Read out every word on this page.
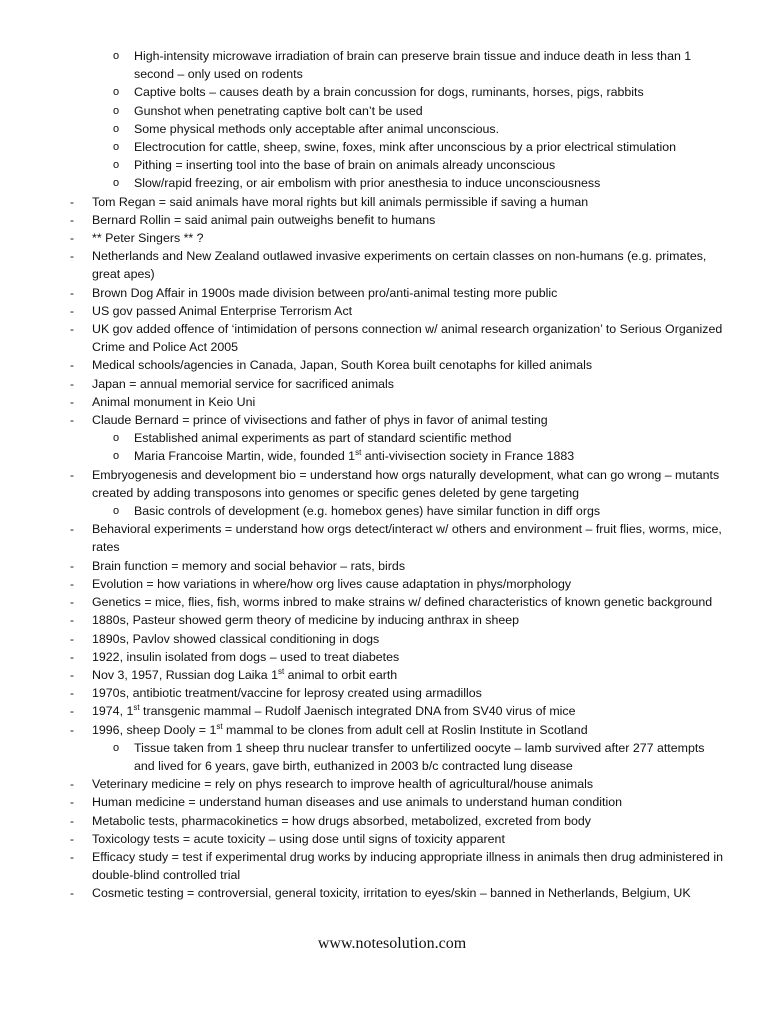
o High-intensity microwave irradiation of brain can preserve brain tissue and induce death in less than 1 second – only used on rodents
o Captive bolts – causes death by a brain concussion for dogs, ruminants, horses, pigs, rabbits
o Gunshot when penetrating captive bolt can’t be used
o Some physical methods only acceptable after animal unconscious.
o Electrocution for cattle, sheep, swine, foxes, mink after unconscious by a prior electrical stimulation
o Pithing = inserting tool into the base of brain on animals already unconscious
o Slow/rapid freezing, or air embolism with prior anesthesia to induce unconsciousness
- Tom Regan = said animals have moral rights but kill animals permissible if saving a human
- Bernard Rollin = said animal pain outweighs benefit to humans
- ** Peter Singers ** ?
- Netherlands and New Zealand outlawed invasive experiments on certain classes on non-humans (e.g. primates, great apes)
- Brown Dog Affair in 1900s made division between pro/anti-animal testing more public
- US gov passed Animal Enterprise Terrorism Act
- UK gov added offence of ‘intimidation of persons connection w/ animal research organization’ to Serious Organized Crime and Police Act 2005
- Medical schools/agencies in Canada, Japan, South Korea built cenotaphs for killed animals
- Japan = annual memorial service for sacrificed animals
- Animal monument in Keio Uni
- Claude Bernard = prince of vivisections and father of phys in favor of animal testing
o Established animal experiments as part of standard scientific method
o Maria Francoise Martin, wide, founded 1st anti-vivisection society in France 1883
- Embryogenesis and development bio = understand how orgs naturally development, what can go wrong – mutants created by adding transposons into genomes or specific genes deleted by gene targeting
o Basic controls of development (e.g. homebox genes) have similar function in diff orgs
- Behavioral experiments = understand how orgs detect/interact w/ others and environment – fruit flies, worms, mice, rates
- Brain function = memory and social behavior – rats, birds
- Evolution = how variations in where/how org lives cause adaptation in phys/morphology
- Genetics = mice, flies, fish, worms inbred to make strains w/ defined characteristics of known genetic background
- 1880s, Pasteur showed germ theory of medicine by inducing anthrax in sheep
- 1890s, Pavlov showed classical conditioning in dogs
- 1922, insulin isolated from dogs – used to treat diabetes
- Nov 3, 1957, Russian dog Laika 1st animal to orbit earth
- 1970s, antibiotic treatment/vaccine for leprosy created using armadillos
- 1974, 1st transgenic mammal – Rudolf Jaenisch integrated DNA from SV40 virus of mice
- 1996, sheep Dooly = 1st mammal to be clones from adult cell at Roslin Institute in Scotland
o Tissue taken from 1 sheep thru nuclear transfer to unfertilized oocyte – lamb survived after 277 attempts and lived for 6 years, gave birth, euthanized in 2003 b/c contracted lung disease
- Veterinary medicine = rely on phys research to improve health of agricultural/house animals
- Human medicine = understand human diseases and use animals to understand human condition
- Metabolic tests, pharmacokinetics = how drugs absorbed, metabolized, excreted from body
- Toxicology tests = acute toxicity – using dose until signs of toxicity apparent
- Efficacy study = test if experimental drug works by inducing appropriate illness in animals then drug administered in double-blind controlled trial
- Cosmetic testing = controversial, general toxicity, irritation to eyes/skin – banned in Netherlands, Belgium, UK
www.notesolution.com
